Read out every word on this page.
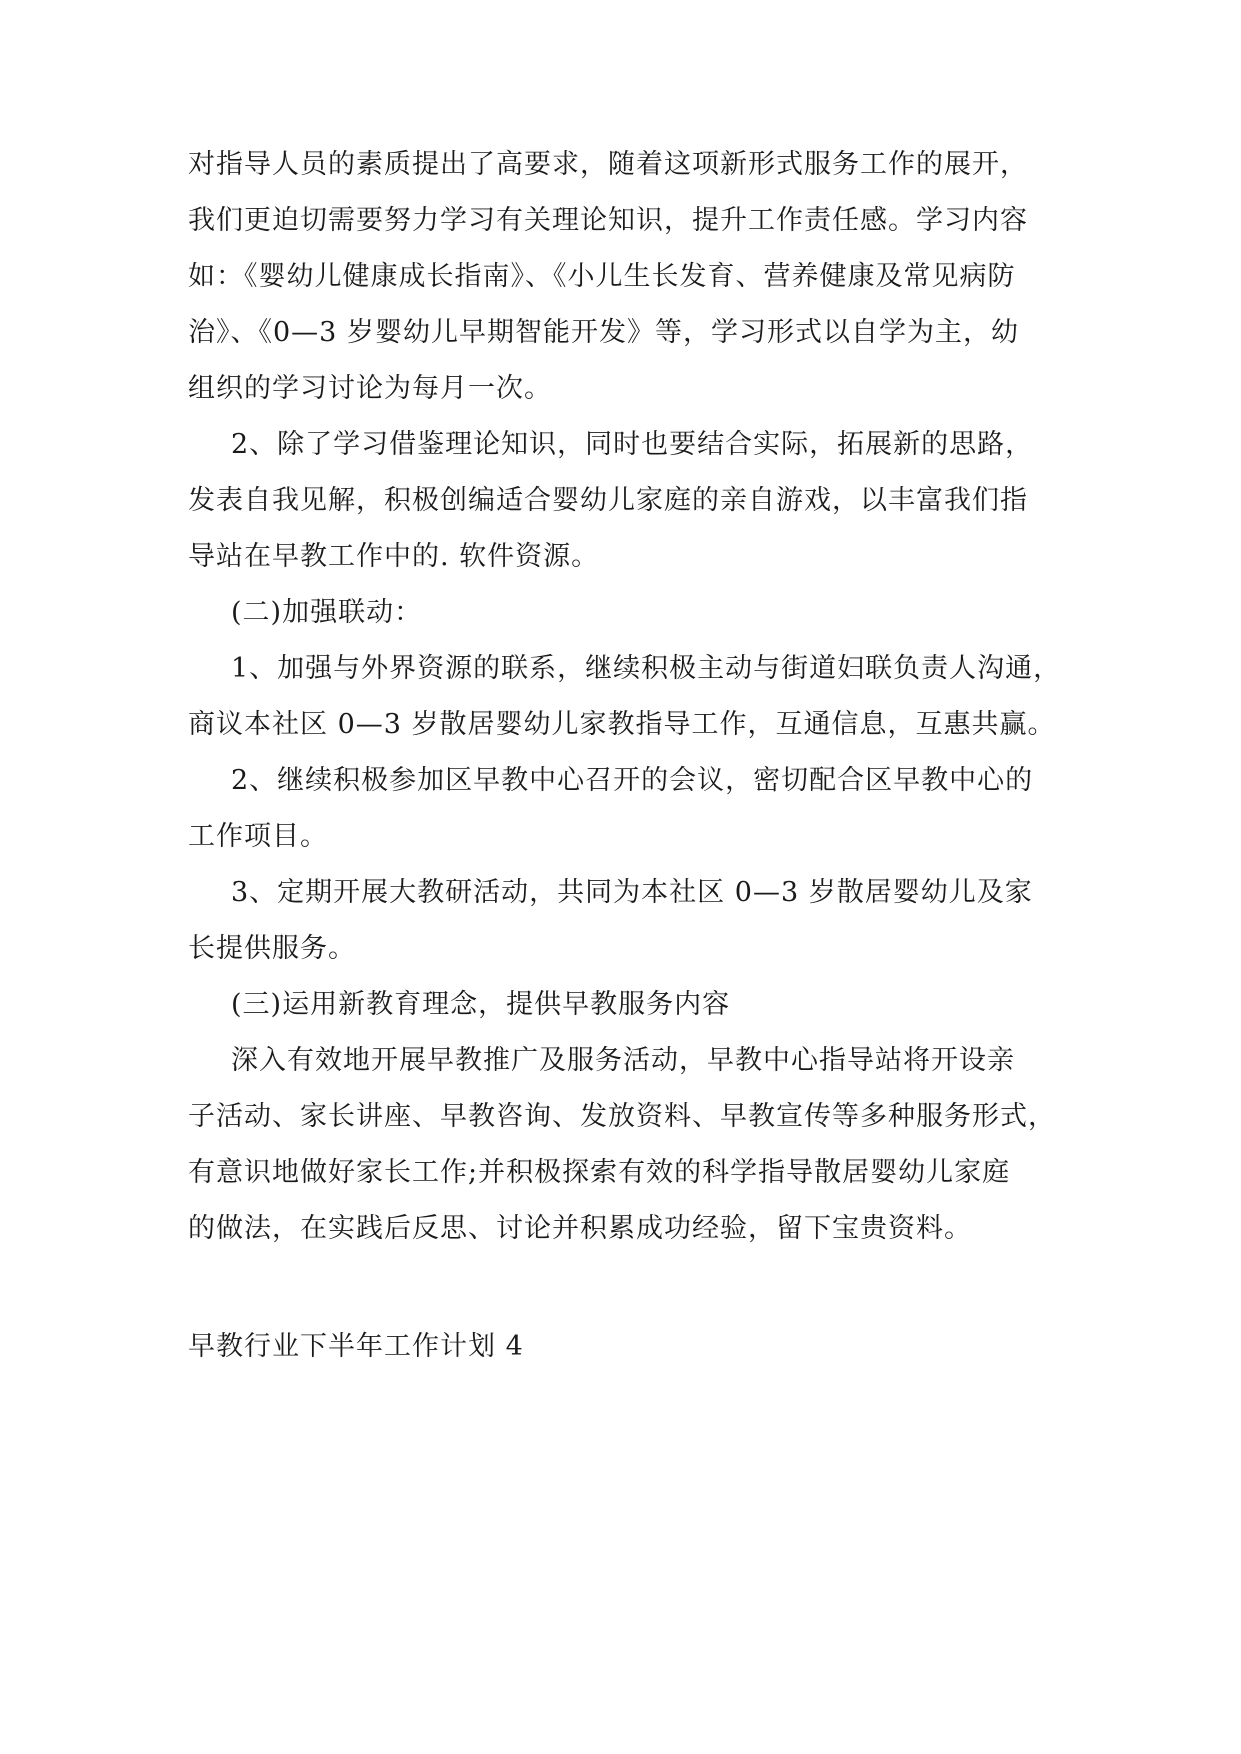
对指导人员的素质提出了高要求，随着这项新形式服务工作的展开，
我们更迫切需要努力学习有关理论知识，提升工作责任感。学习内容
如：《婴幼儿健康成长指南》、《小儿生长发育、营养健康及常见病防
治》、《0—3 岁婴幼儿早期智能开发》等，学习形式以自学为主，幼
组织的学习讨论为每月一次。
2、除了学习借鉴理论知识，同时也要结合实际，拓展新的思路，
发表自我见解，积极创编适合婴幼儿家庭的亲自游戏，以丰富我们指
导站在早教工作中的. 软件资源。
(二)加强联动：
1、加强与外界资源的联系，继续积极主动与街道妇联负责人沟通，
商议本社区 0—3 岁散居婴幼儿家教指导工作，互通信息，互惠共赢。
2、继续积极参加区早教中心召开的会议，密切配合区早教中心的
工作项目。
3、定期开展大教研活动，共同为本社区 0—3 岁散居婴幼儿及家
长提供服务。
(三)运用新教育理念，提供早教服务内容
深入有效地开展早教推广及服务活动，早教中心指导站将开设亲
子活动、家长讲座、早教咨询、发放资料、早教宣传等多种服务形式，
有意识地做好家长工作;并积极探索有效的科学指导散居婴幼儿家庭
的做法，在实践后反思、讨论并积累成功经验，留下宝贵资料。
早教行业下半年工作计划 4
